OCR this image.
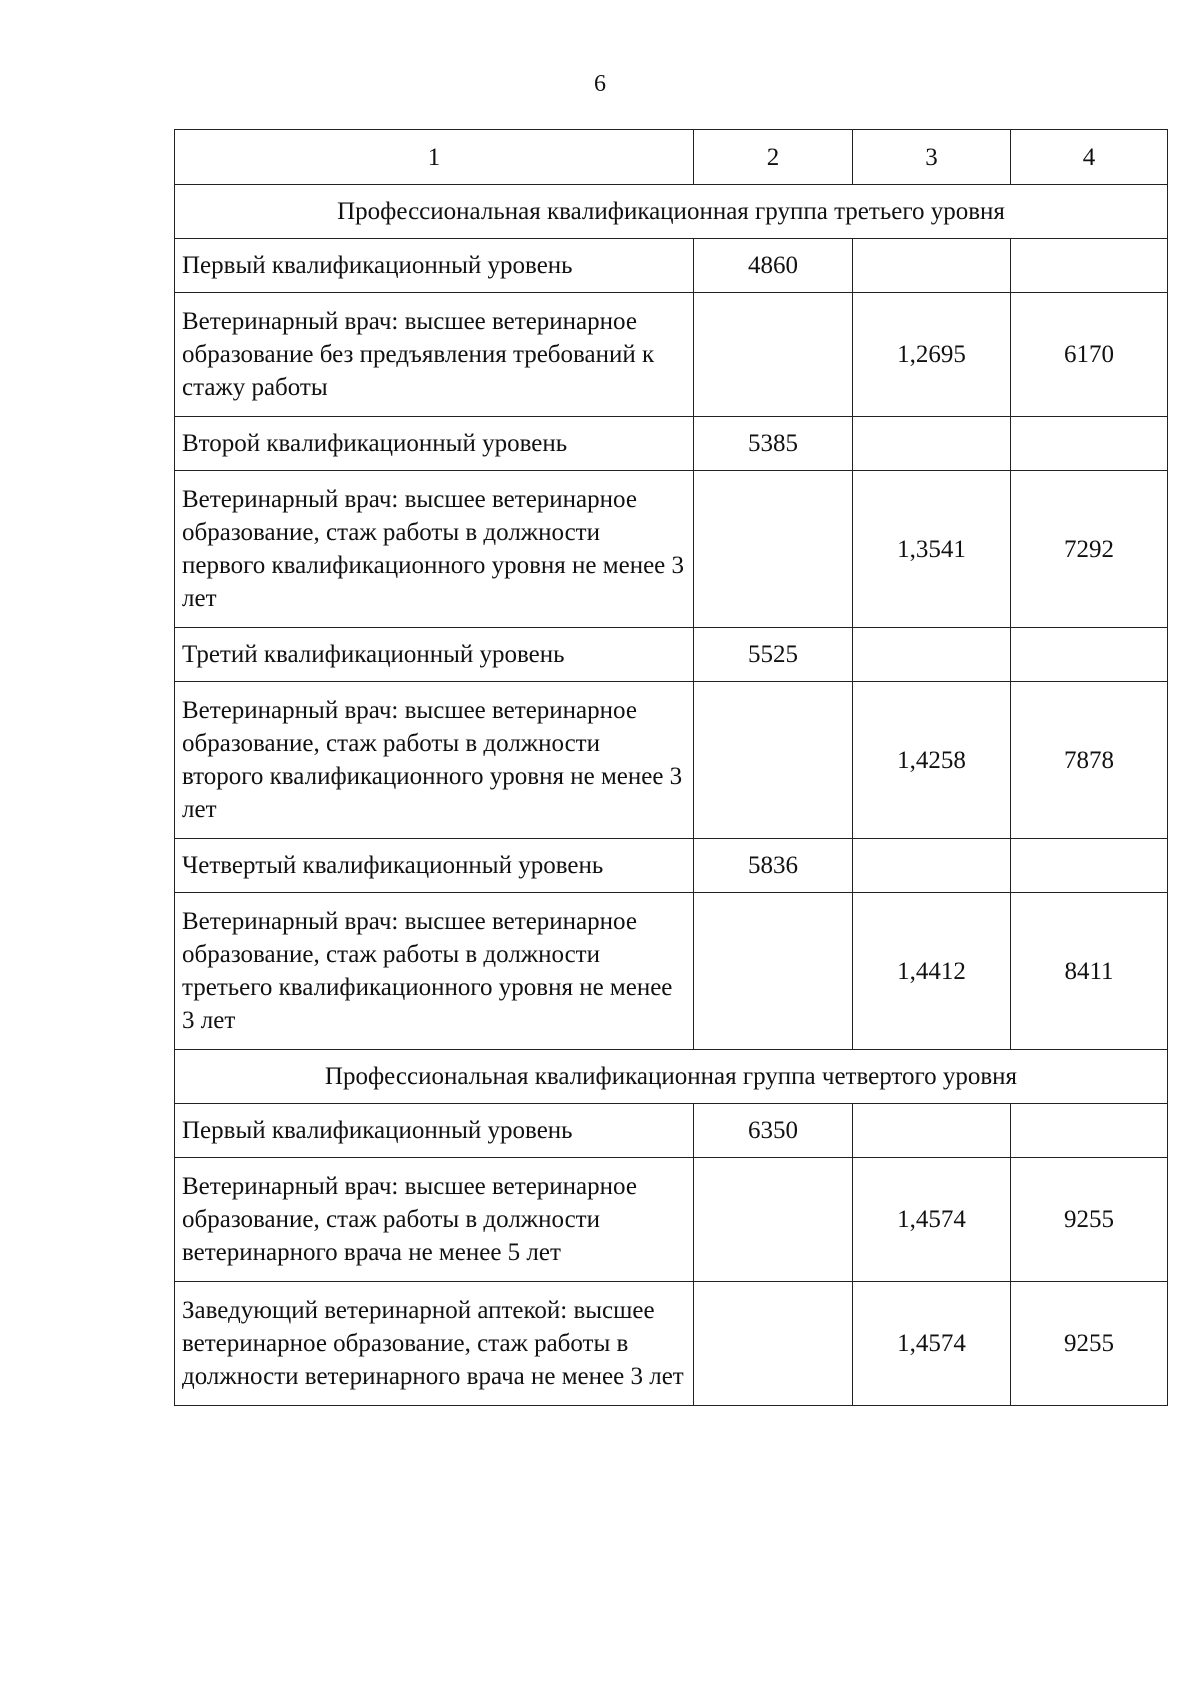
6
1	2	3	4
Профессиональная квалификационная группа третьего уровня			
Первый квалификационный уровень	4860		
Ветеринарный врач: высшее ветеринарное образование без предъявления требований к стажу работы		1,2695	6170
Второй квалификационный уровень	5385		
Ветеринарный врач: высшее ветеринарное образование, стаж работы в должности первого квалификационного уровня не менее 3 лет		1,3541	7292
Третий квалификационный уровень	5525		
Ветеринарный врач: высшее ветеринарное образование, стаж работы в должности второго квалификационного уровня не менее 3 лет		1,4258	7878
Четвертый квалификационный уровень	5836		
Ветеринарный врач: высшее ветеринарное образование, стаж работы в должности третьего квалификационного уровня не менее 3 лет		1,4412	8411
Профессиональная квалификационная группа четвертого уровня			
Первый квалификационный уровень	6350		
Ветеринарный врач: высшее ветеринарное образование, стаж работы в должности ветеринарного врача не менее 5 лет		1,4574	9255
Заведующий ветеринарной аптекой: высшее ветеринарное образование, стаж работы в должности ветеринарного врача не менее 3 лет		1,4574	9255
